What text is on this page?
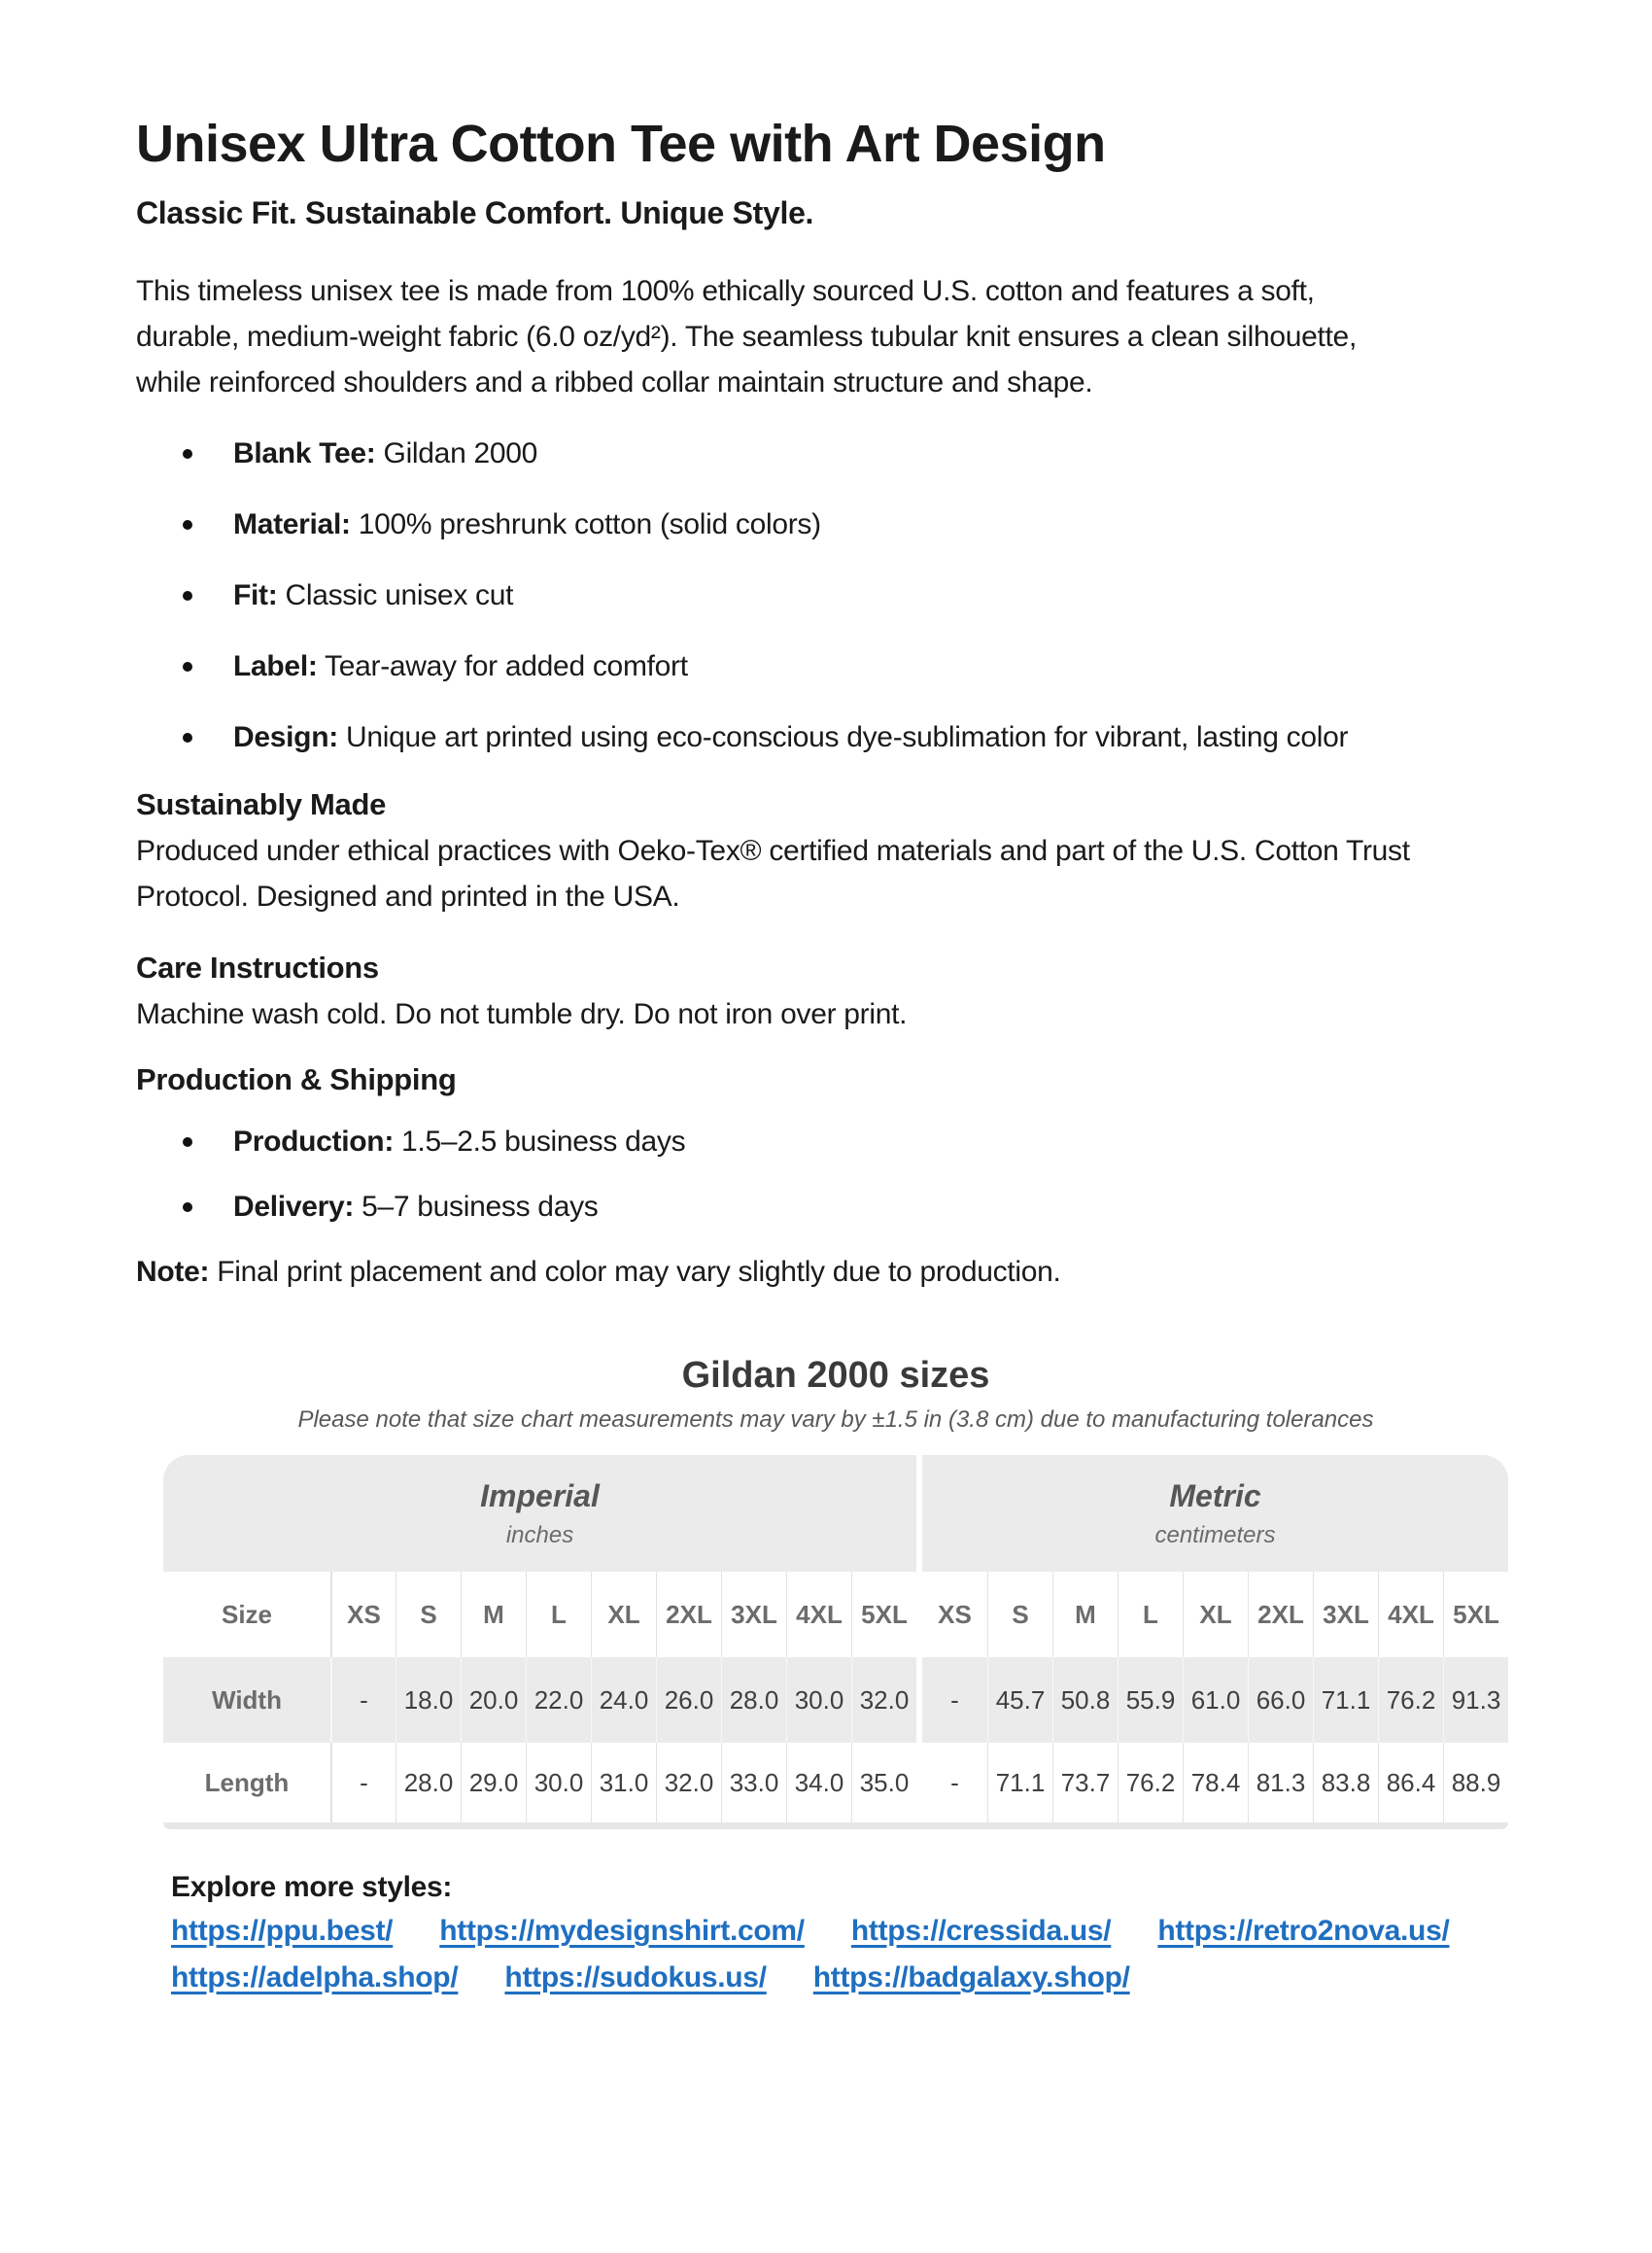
Unisex Ultra Cotton Tee with Art Design
Classic Fit. Sustainable Comfort. Unique Style.
This timeless unisex tee is made from 100% ethically sourced U.S. cotton and features a soft,
durable, medium-weight fabric (6.0 oz/yd²). The seamless tubular knit ensures a clean silhouette,
while reinforced shoulders and a ribbed collar maintain structure and shape.
Blank Tee: Gildan 2000
Material: 100% preshrunk cotton (solid colors)
Fit: Classic unisex cut
Label: Tear-away for added comfort
Design: Unique art printed using eco-conscious dye-sublimation for vibrant, lasting color
Sustainably Made
Produced under ethical practices with Oeko-Tex® certified materials and part of the U.S. Cotton Trust
Protocol. Designed and printed in the USA.
Care Instructions
Machine wash cold. Do not tumble dry. Do not iron over print.
Production & Shipping
Production: 1.5–2.5 business days
Delivery: 5–7 business days

Note: Final print placement and color may vary slightly due to production.

Gildan 2000 sizes
Please note that size chart measurements may vary by ±1.5 in (3.8 cm) due to manufacturing tolerances
Imperial
inches
Metric
centimeters
Size	XS	S	M	L	XL	2XL 3XL 4XL 5XL	XS	S	M	L	XL	2XL 3XL 4XL 5XL
Width	-	18.0 20.0 22.0 24.0 26.0 28.0 30.0 32.0	-	45.7 50.8 55.9 61.0 66.0 71.1 76.2 91.3
Length	-	28.0 29.0 30.0 31.0 32.0 33.0 34.0 35.0	-	71.1 73.7 76.2 78.4 81.3 83.8 86.4 88.9
Explore more styles:
https://ppu.best/ https://mydesignshirt.com/ https://cressida.us/ https://retro2nova.us/
https://adelpha.shop/ https://sudokus.us/ https://badgalaxy.shop/
